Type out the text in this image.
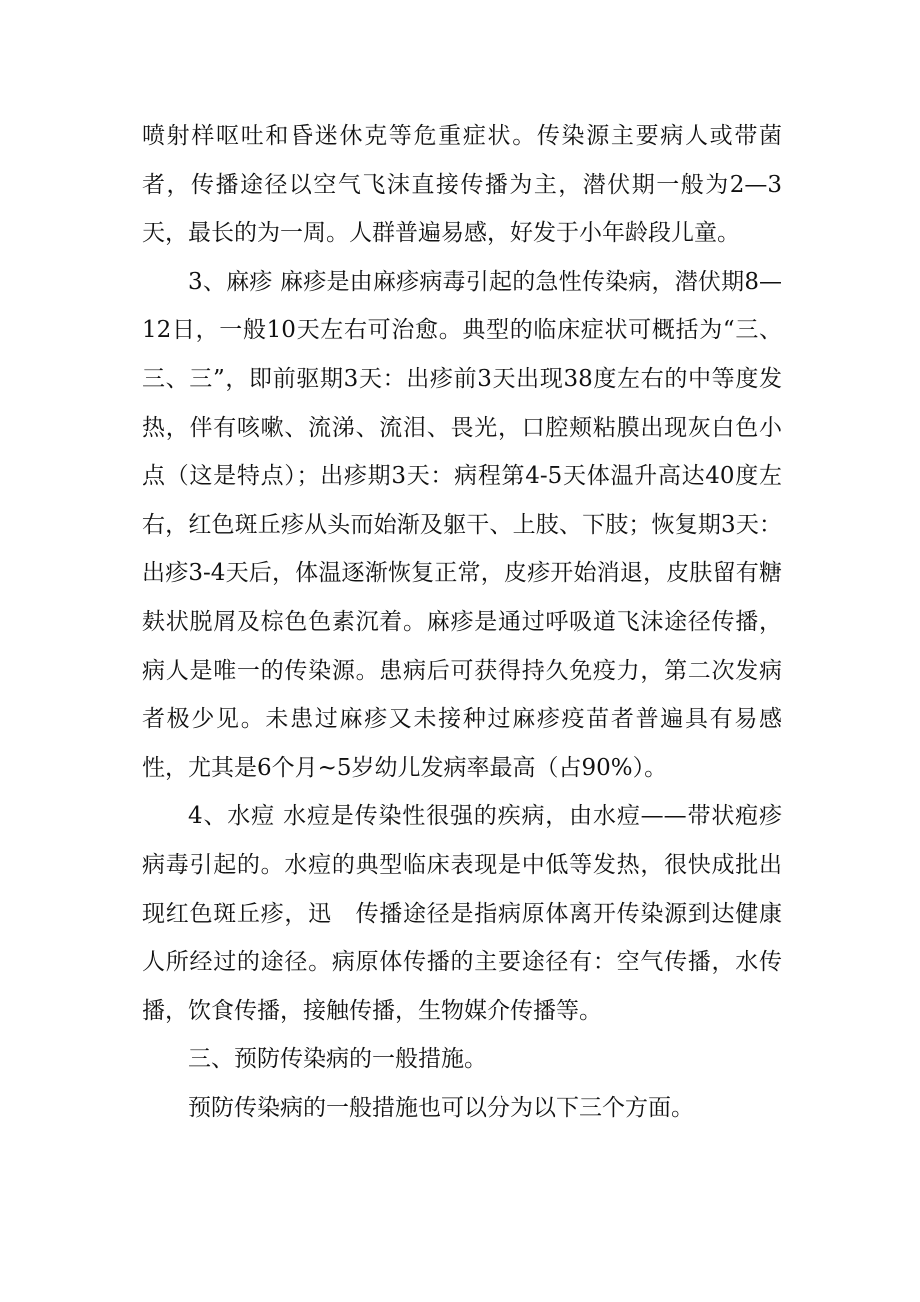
喷射样呕吐和昏迷休克等危重症状。传染源主要病人或带菌者，传播途径以空气飞沫直接传播为主，潜伏期一般为2—3天，最长的为一周。人群普遍易感，好发于小年龄段儿童。

3、麻疹 麻疹是由麻疹病毒引起的急性传染病，潜伏期8—12日，一般10天左右可治愈。典型的临床症状可概括为“三、三、三”，即前驱期3天：出疹前3天出现38度左右的中等度发热，伴有咳嗽、流涕、流泪、畏光，口腔颊粘膜出现灰白色小点（这是特点）；出疹期3天：病程第4-5天体温升高达40度左右，红色斑丘疹从头而始渐及躯干、上肢、下肢；恢复期3天：出疹3-4天后，体温逐渐恢复正常，皮疹开始消退，皮肤留有糖麸状脱屑及棕色色素沉着。麻疹是通过呼吸道飞沫途径传播，病人是唯一的传染源。患病后可获得持久免疫力，第二次发病者极少见。未患过麻疹又未接种过麻疹疫苗者普遍具有易感性，尤其是6个月~5岁幼儿发病率最高（占90%）。

4、水痘 水痘是传染性很强的疾病，由水痘——带状疱疹病毒引起的。水痘的典型临床表现是中低等发热，很快成批出现红色斑丘疹，迅　传播途径是指病原体离开传染源到达健康人所经过的途径。病原体传播的主要途径有：空气传播，水传播，饮食传播，接触传播，生物媒介传播等。

三、预防传染病的一般措施。

预防传染病的一般措施也可以分为以下三个方面。
